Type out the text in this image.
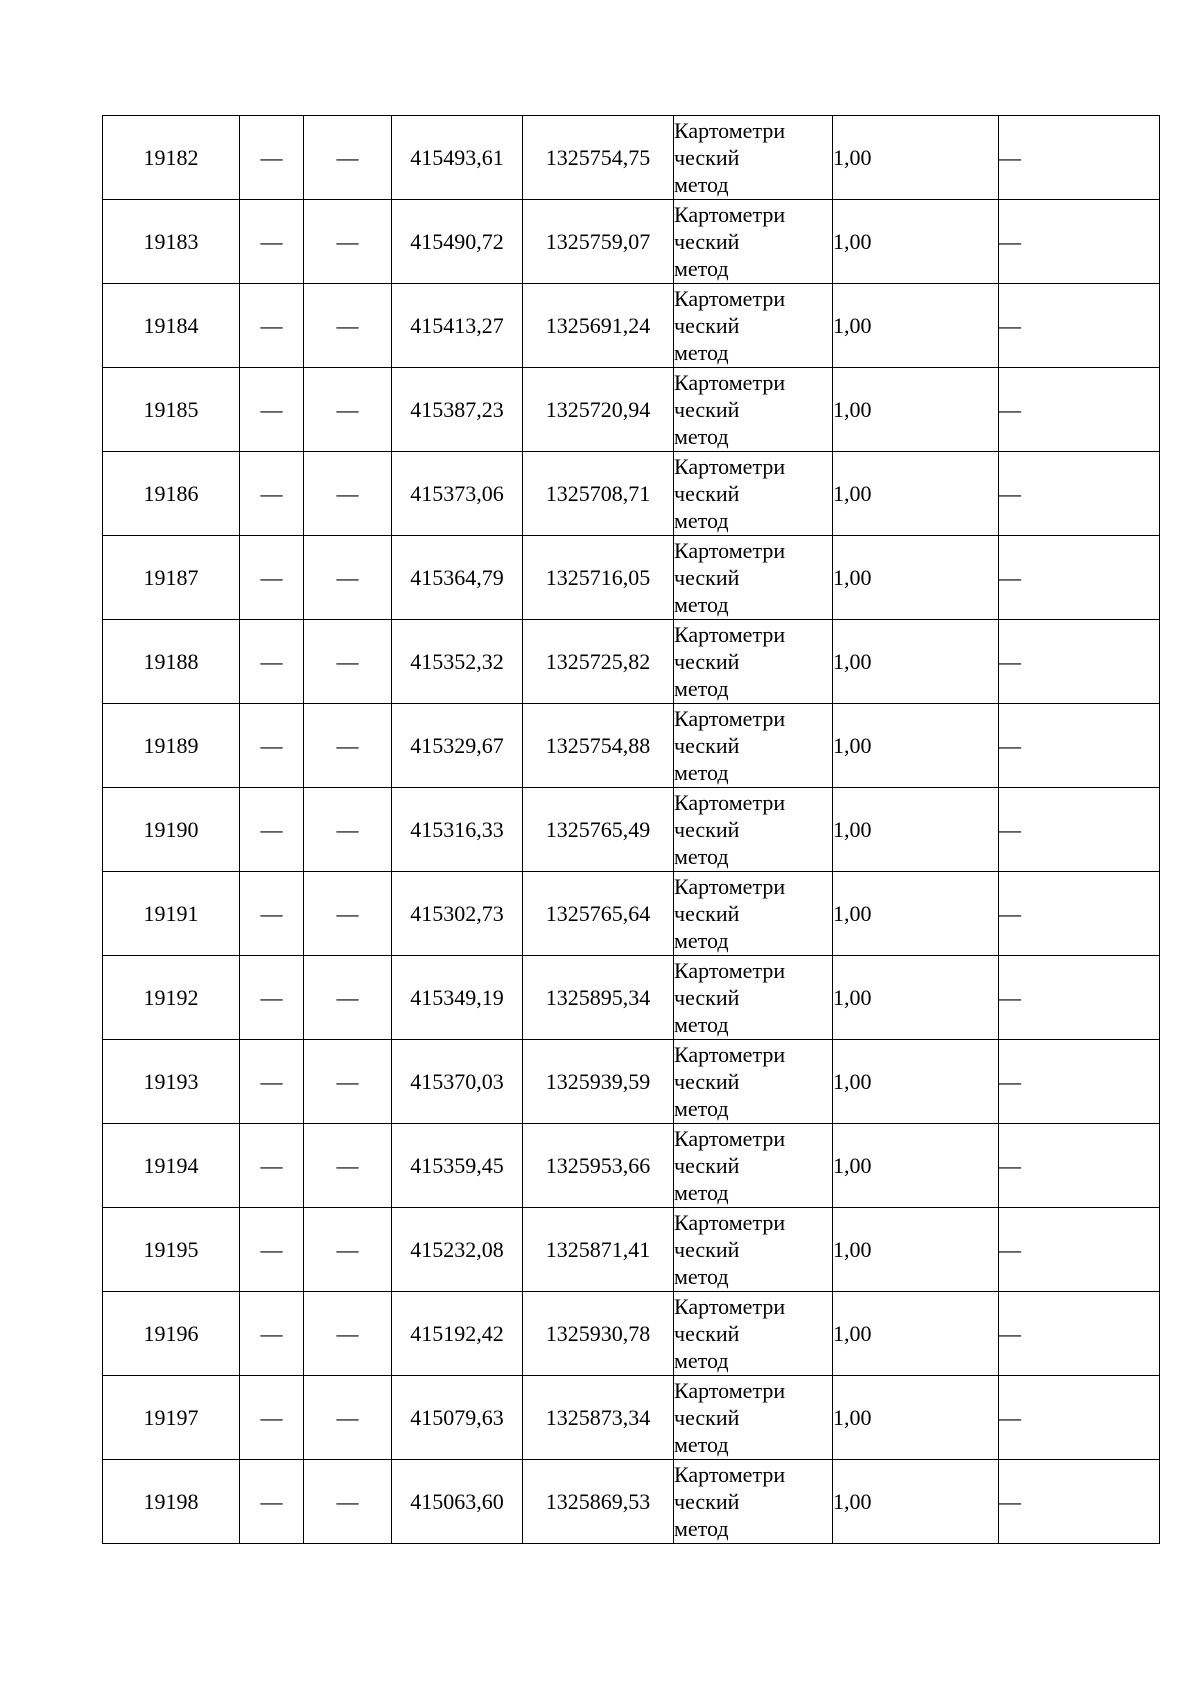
19182	—	—	415493,61	1325754,75	Картометри
ческий
метод	1,00	—
19183	—	—	415490,72	1325759,07	Картометри
ческий
метод	1,00	—
19184	—	—	415413,27	1325691,24	Картометри
ческий
метод	1,00	—
19185	—	—	415387,23	1325720,94	Картометри
ческий
метод	1,00	—
19186	—	—	415373,06	1325708,71	Картометри
ческий
метод	1,00	—
19187	—	—	415364,79	1325716,05	Картометри
ческий
метод	1,00	—
19188	—	—	415352,32	1325725,82	Картометри
ческий
метод	1,00	—
19189	—	—	415329,67	1325754,88	Картометри
ческий
метод	1,00	—
19190	—	—	415316,33	1325765,49	Картометри
ческий
метод	1,00	—
19191	—	—	415302,73	1325765,64	Картометри
ческий
метод	1,00	—
19192	—	—	415349,19	1325895,34	Картометри
ческий
метод	1,00	—
19193	—	—	415370,03	1325939,59	Картометри
ческий
метод	1,00	—
19194	—	—	415359,45	1325953,66	Картометри
ческий
метод	1,00	—
19195	—	—	415232,08	1325871,41	Картометри
ческий
метод	1,00	—
19196	—	—	415192,42	1325930,78	Картометри
ческий
метод	1,00	—
19197	—	—	415079,63	1325873,34	Картометри
ческий
метод	1,00	—
19198	—	—	415063,60	1325869,53	Картометри
ческий
метод	1,00	—
